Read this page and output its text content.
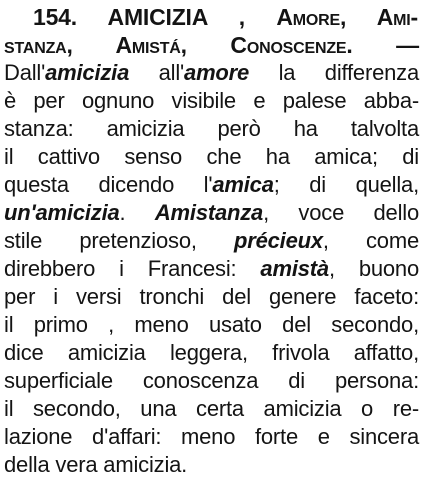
154. AMICIZIA , Amore, Ami-
stanza, Amistá, Conoscenze. —
Dall'amicizia all'amore la differenza
è per ognuno visibile e palese abba-
stanza: amicizia però ha talvolta
il cattivo senso che ha amica; di
questa dicendo l'amica; di quella,
un'amicizia. Amistanza, voce dello
stile pretenzioso, précieux, come
direbbero i Francesi: amistà, buono
per i versi tronchi del genere faceto:
il primo , meno usato del secondo,
dice amicizia leggera, frivola affatto,
superficiale conoscenza di persona:
il secondo, una certa amicizia o re-
lazione d'affari: meno forte e sincera
della vera amicizia.
